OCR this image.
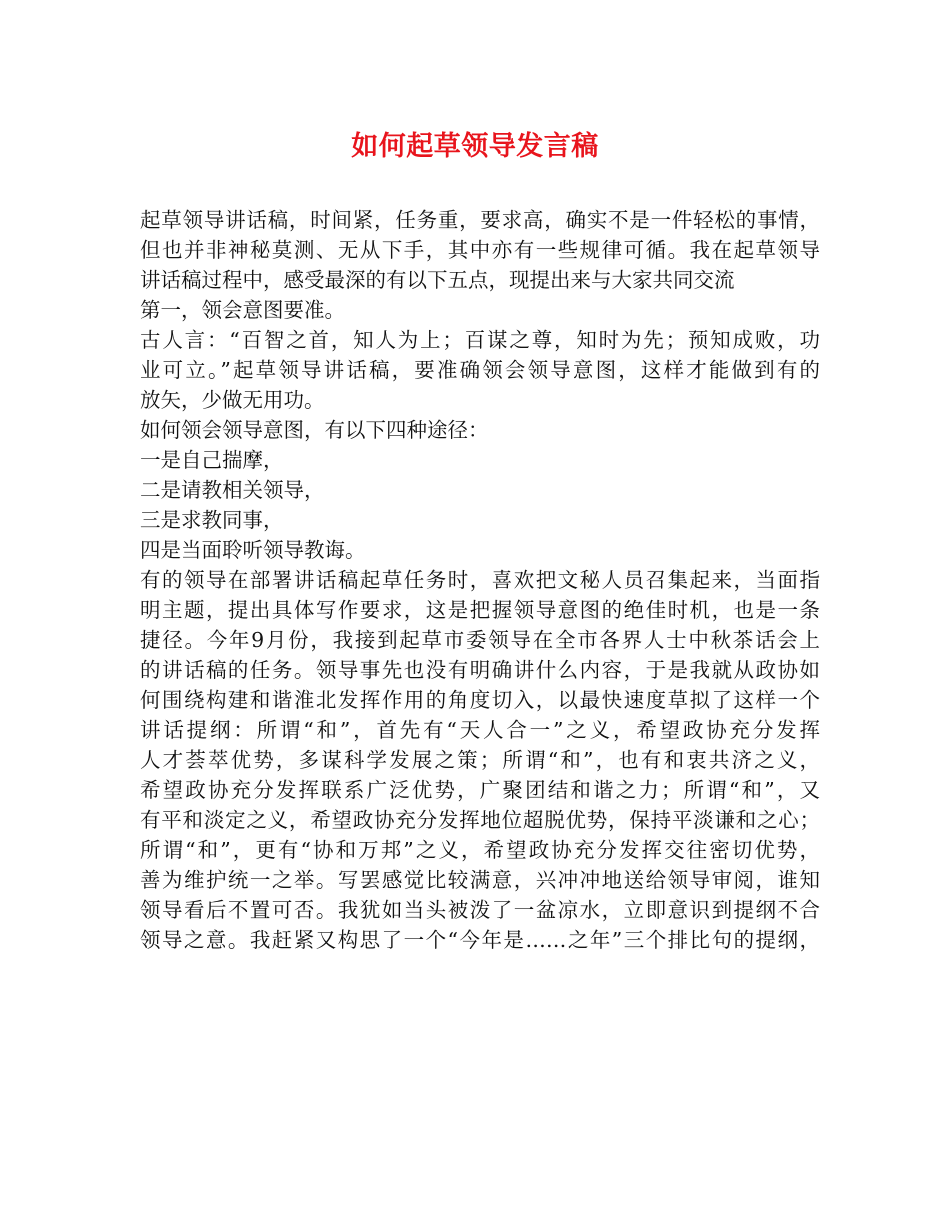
如何起草领导发言稿
起草领导讲话稿，时间紧，任务重，要求高，确实不是一件轻松的事情，
但也并非神秘莫测、无从下手，其中亦有一些规律可循。我在起草领导
讲话稿过程中，感受最深的有以下五点，现提出来与大家共同交流
第一，领会意图要准。
古人言：“百智之首，知人为上；百谋之尊，知时为先；预知成败，功
业可立。”起草领导讲话稿，要准确领会领导意图，这样才能做到有的
放矢，少做无用功。
如何领会领导意图，有以下四种途径：
一是自己揣摩，
二是请教相关领导，
三是求教同事，
四是当面聆听领导教诲。
有的领导在部署讲话稿起草任务时，喜欢把文秘人员召集起来，当面指
明主题，提出具体写作要求，这是把握领导意图的绝佳时机，也是一条
捷径。今年9月份，我接到起草市委领导在全市各界人士中秋茶话会上
的讲话稿的任务。领导事先也没有明确讲什么内容，于是我就从政协如
何围绕构建和谐淮北发挥作用的角度切入，以最快速度草拟了这样一个
讲话提纲：所谓“和”，首先有“天人合一”之义，希望政协充分发挥
人才荟萃优势，多谋科学发展之策；所谓“和”，也有和衷共济之义，
希望政协充分发挥联系广泛优势，广聚团结和谐之力；所谓“和”，又
有平和淡定之义，希望政协充分发挥地位超脱优势，保持平淡谦和之心；
所谓“和”，更有“协和万邦”之义，希望政协充分发挥交往密切优势，
善为维护统一之举。写罢感觉比较满意，兴冲冲地送给领导审阅，谁知
领导看后不置可否。我犹如当头被泼了一盆凉水，立即意识到提纲不合
领导之意。我赶紧又构思了一个“今年是……之年”三个排比句的提纲，
